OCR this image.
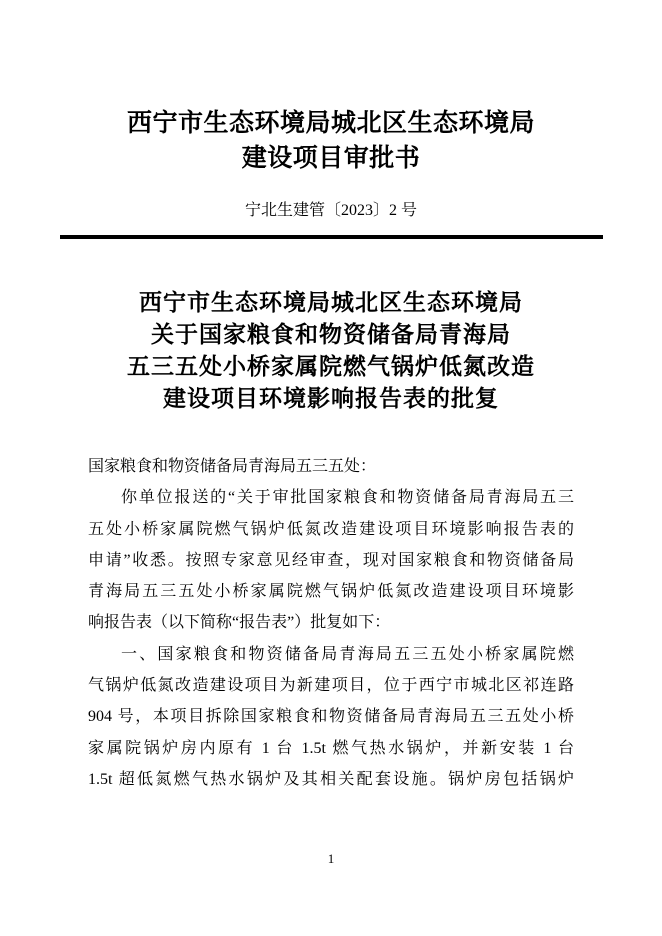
西宁市生态环境局城北区生态环境局
建设项目审批书
宁北生建管〔2023〕2 号
西宁市生态环境局城北区生态环境局
关于国家粮食和物资储备局青海局
五三五处小桥家属院燃气锅炉低氮改造
建设项目环境影响报告表的批复
国家粮食和物资储备局青海局五三五处：
你单位报送的“关于审批国家粮食和物资储备局青海局五三
五处小桥家属院燃气锅炉低氮改造建设项目环境影响报告表的
申请”收悉。按照专家意见经审查，现对国家粮食和物资储备局
青海局五三五处小桥家属院燃气锅炉低氮改造建设项目环境影
响报告表（以下简称“报告表”）批复如下：
一、国家粮食和物资储备局青海局五三五处小桥家属院燃
气锅炉低氮改造建设项目为新建项目，位于西宁市城北区祁连路
904 号，本项目拆除国家粮食和物资储备局青海局五三五处小桥
家属院锅炉房内原有 1 台 1.5t 燃气热水锅炉，并新安装 1 台
1.5t 超低氮燃气热水锅炉及其相关配套设施。锅炉房包括锅炉
1
